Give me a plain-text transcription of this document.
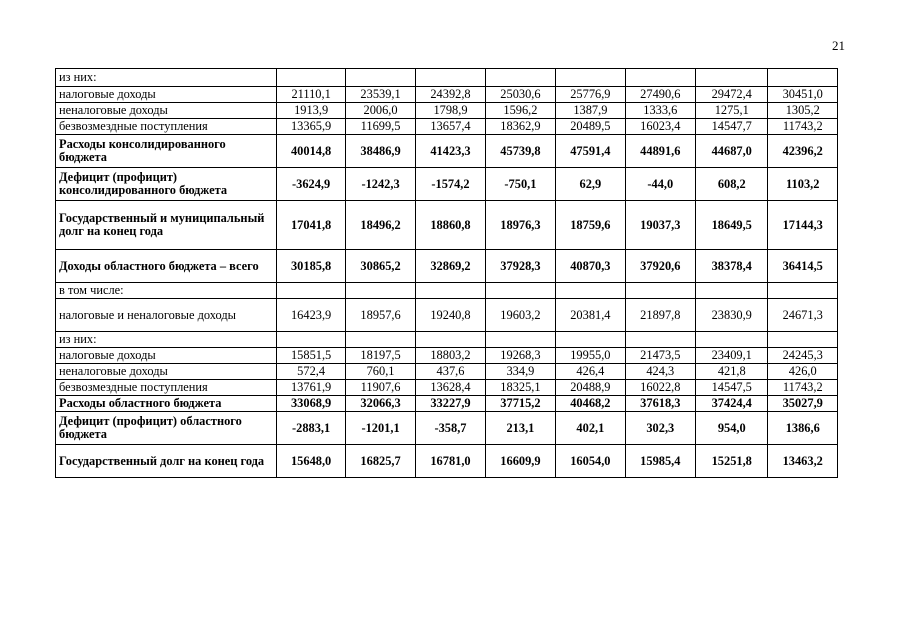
21
из них:								
налоговые доходы	21110,1	23539,1	24392,8	25030,6	25776,9	27490,6	29472,4	30451,0
неналоговые доходы	1913,9	2006,0	1798,9	1596,2	1387,9	1333,6	1275,1	1305,2
безвозмездные поступления	13365,9	11699,5	13657,4	18362,9	20489,5	16023,4	14547,7	11743,2
Расходы консолидированного бюджета	40014,8	38486,9	41423,3	45739,8	47591,4	44891,6	44687,0	42396,2
Дефицит (профицит) консолидированного бюджета	-3624,9	-1242,3	-1574,2	-750,1	62,9	-44,0	608,2	1103,2
Государственный и муниципальный долг на конец года	17041,8	18496,2	18860,8	18976,3	18759,6	19037,3	18649,5	17144,3
Доходы областного бюджета – всего	30185,8	30865,2	32869,2	37928,3	40870,3	37920,6	38378,4	36414,5
в том числе:								
налоговые и неналоговые доходы	16423,9	18957,6	19240,8	19603,2	20381,4	21897,8	23830,9	24671,3
из них:								
налоговые доходы	15851,5	18197,5	18803,2	19268,3	19955,0	21473,5	23409,1	24245,3
неналоговые доходы	572,4	760,1	437,6	334,9	426,4	424,3	421,8	426,0
безвозмездные поступления	13761,9	11907,6	13628,4	18325,1	20488,9	16022,8	14547,5	11743,2
Расходы областного бюджета	33068,9	32066,3	33227,9	37715,2	40468,2	37618,3	37424,4	35027,9
Дефицит (профицит) областного бюджета	-2883,1	-1201,1	-358,7	213,1	402,1	302,3	954,0	1386,6
Государственный долг на конец года	15648,0	16825,7	16781,0	16609,9	16054,0	15985,4	15251,8	13463,2
